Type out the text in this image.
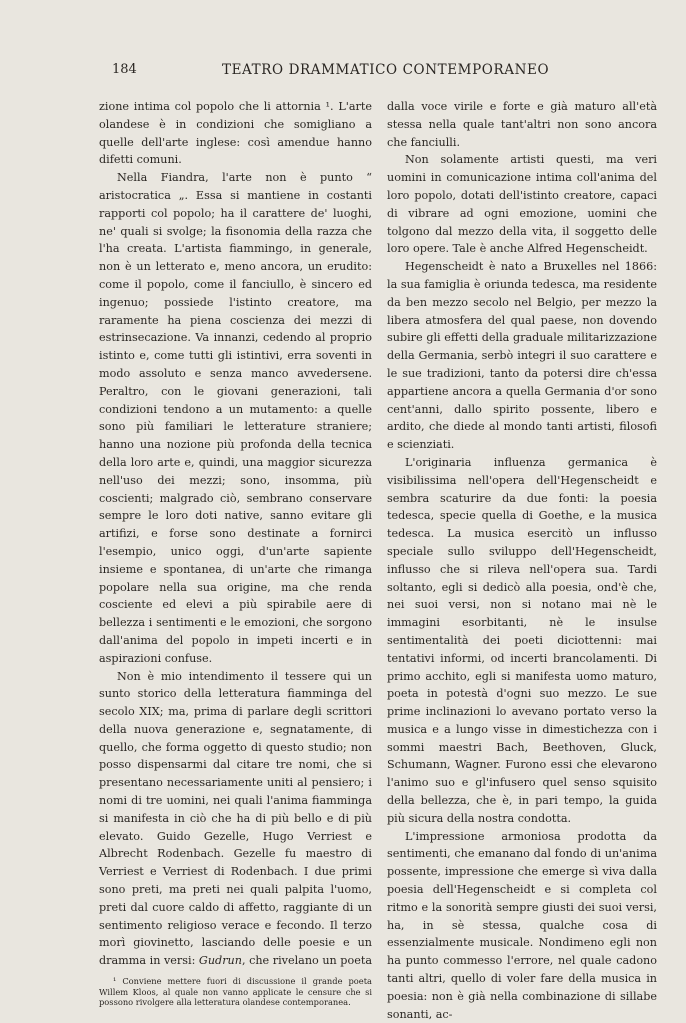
184	TEATRO DRAMMATICO CONTEMPORANEO

zione intima col popolo che li attornia ¹. L'arte olandese è in condizioni che somigliano a quelle dell'arte inglese: così amendue hanno difetti comuni.

Nella Fiandra, l'arte non è punto “ aristocratica „. Essa si mantiene in costanti rapporti col popolo; ha il carattere de' luoghi, ne' quali si svolge; la fisonomia della razza che l'ha creata. L'artista fiammingo, in generale, non è un letterato e, meno ancora, un erudito: come il popolo, come il fanciullo, è sincero ed ingenuo; possiede l'istinto creatore, ma raramente ha piena coscienza dei mezzi di estrinsecazione. Va innanzi, cedendo al proprio istinto e, come tutti gli istintivi, erra soventi in modo assoluto e senza manco avvedersene. Peraltro, con le giovani generazioni, tali condizioni tendono a un mutamento: a quelle sono più familiari le letterature straniere; hanno una nozione più profonda della tecnica della loro arte e, quindi, una maggior sicurezza nell'uso dei mezzi; sono, insomma, più coscienti; malgrado ciò, sembrano conservare sempre le loro doti native, sanno evitare gli artifizi, e forse sono destinate a fornirci l'esempio, unico oggi, d'un'arte sapiente insieme e spontanea, di un'arte che rimanga popolare nella sua origine, ma che renda cosciente ed elevi a più spirabile aere di bellezza i sentimenti e le emozioni, che sorgono dall'anima del popolo in impeti incerti e in aspirazioni confuse.

Non è mio intendimento il tessere qui un sunto storico della letteratura fiamminga del secolo XIX; ma, prima di parlare degli scrittori della nuova generazione e, segnatamente, di quello, che forma oggetto di questo studio; non posso dispensarmi dal citare tre nomi, che si presentano necessariamente uniti al pensiero; i nomi di tre uomini, nei quali l'anima fiamminga si manifesta in ciò che ha di più bello e di più elevato. Guido Gezelle, Hugo Verriest e Albrecht Rodenbach. Gezelle fu maestro di Verriest e Verriest di Rodenbach. I due primi sono preti, ma preti nei quali palpita l'uomo, preti dal cuore caldo di affetto, raggiante di un sentimento religioso verace e fecondo. Il terzo morì giovinetto, lasciando delle poesie e un dramma in versi: Gudrun, che rivelano un poeta

¹ Conviene mettere fuori di discussione il grande poeta Willem Kloos, al quale non vanno applicate le censure che si possono rivolgere alla letteratura olandese contemporanea.

dalla voce virile e forte e già maturo all'età stessa nella quale tant'altri non sono ancora che fanciulli.

Non solamente artisti questi, ma veri uomini in comunicazione intima coll'anima del loro popolo, dotati dell'istinto creatore, capaci di vibrare ad ogni emozione, uomini che tolgono dal mezzo della vita, il soggetto delle loro opere. Tale è anche Alfred Hegenscheidt.

Hegenscheidt è nato a Bruxelles nel 1866: la sua famiglia è oriunda tedesca, ma residente da ben mezzo secolo nel Belgio, per mezzo la libera atmosfera del qual paese, non dovendo subire gli effetti della graduale militarizzazione della Germania, serbò integri il suo carattere e le sue tradizioni, tanto da potersi dire ch'essa appartiene ancora a quella Germania d'or sono cent'anni, dallo spirito possente, libero e ardito, che diede al mondo tanti artisti, filosofi e scienziati.

L'originaria influenza germanica è visibilissima nell'opera dell'Hegenscheidt e sembra scaturire da due fonti: la poesia tedesca, specie quella di Goethe, e la musica tedesca. La musica esercitò un influsso speciale sullo sviluppo dell'Hegenscheidt, influsso che si rileva nell'opera sua. Tardi soltanto, egli si dedicò alla poesia, ond'è che, nei suoi versi, non si notano mai nè le immagini esorbitanti, nè le insulse sentimentalità dei poeti diciottenni: mai tentativi informi, od incerti brancolamenti. Di primo acchito, egli si manifesta uomo maturo, poeta in potestà d'ogni suo mezzo. Le sue prime inclinazioni lo avevano portato verso la musica e a lungo visse in dimestichezza con i sommi maestri Bach, Beethoven, Gluck, Schumann, Wagner. Furono essi che elevarono l'animo suo e gl'infusero quel senso squisito della bellezza, che è, in pari tempo, la guida più sicura della nostra condotta.

L'impressione armoniosa prodotta da sentimenti, che emanano dal fondo di un'anima possente, impressione che emerge sì viva dalla poesia dell'Hegenscheidt e si completa col ritmo e la sonorità sempre giusti dei suoi versi, ha, in sè stessa, qualche cosa di essenzialmente musicale. Nondimeno egli non ha punto commesso l'errore, nel quale cadono tanti altri, quello di voler fare della musica in poesia: non è già nella combinazione di sillabe sonanti, ac-
